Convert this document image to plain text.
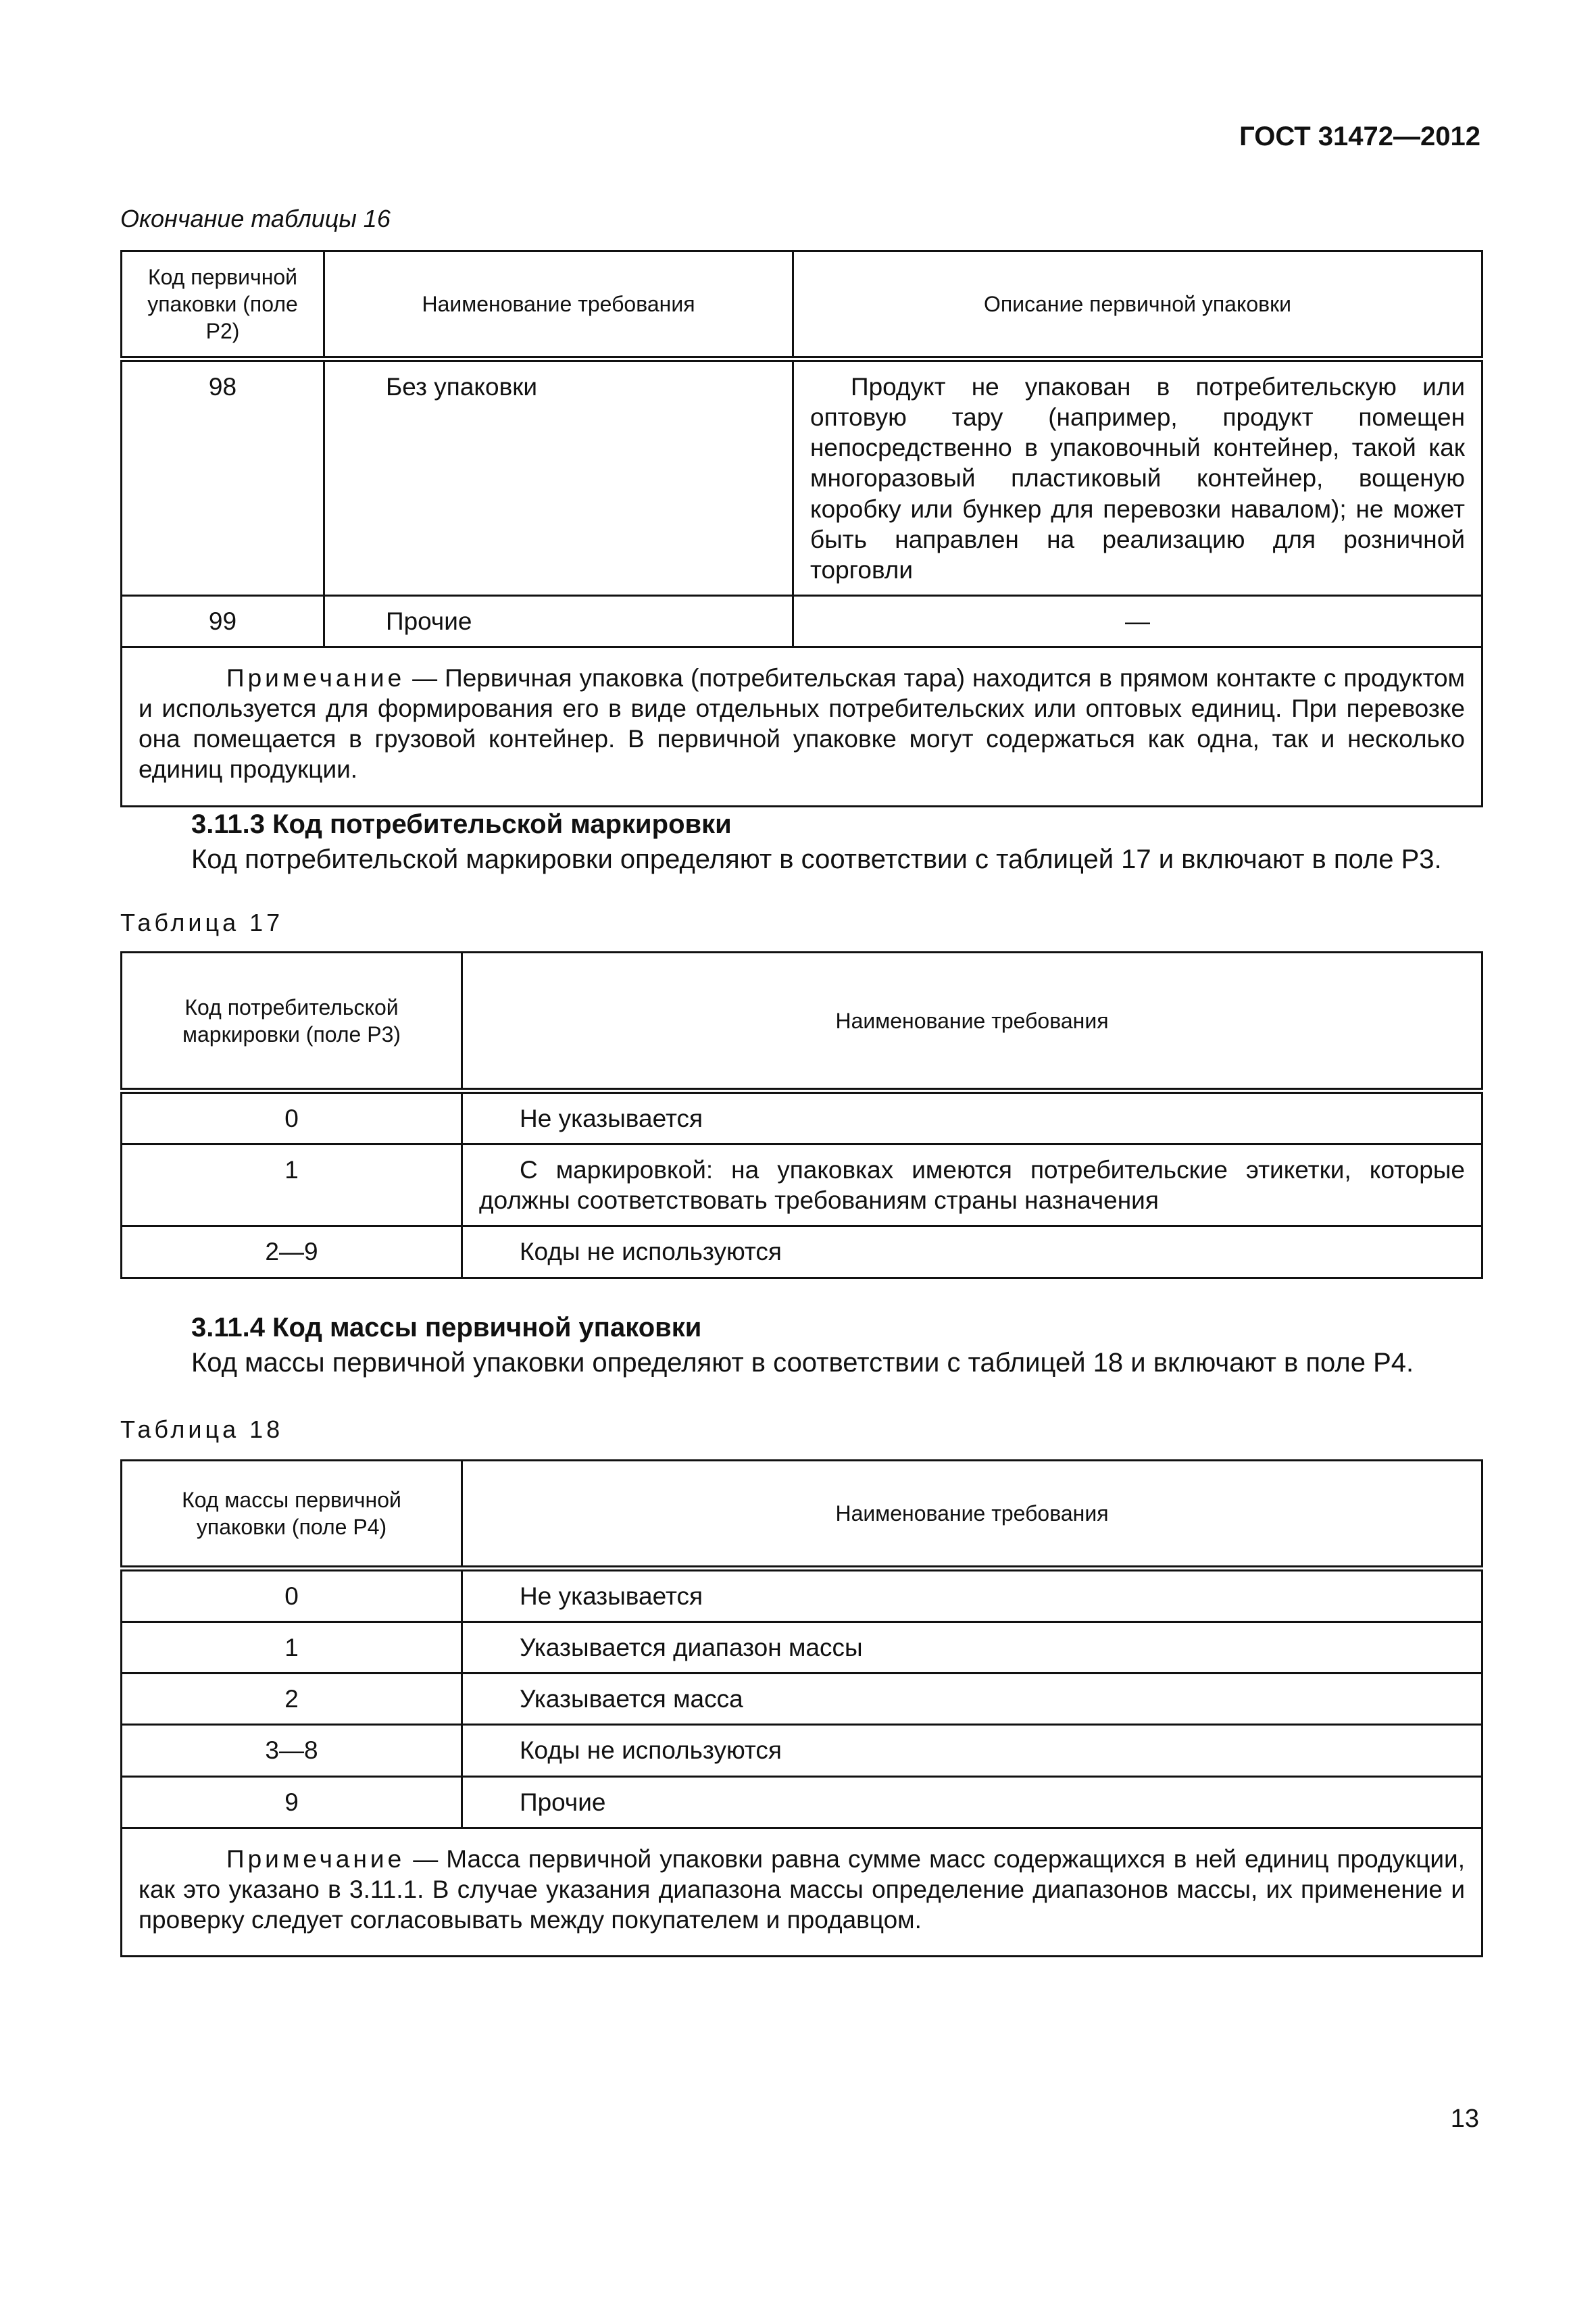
ГОСТ 31472—2012
Окончание таблицы 16
Код первичной упаковки (поле Р2)	Наименование требования	Описание первичной упаковки
98	Без упаковки	Продукт не упакован в потребительскую или оптовую тару (например, продукт помещен непосредственно в упаковочный контейнер, такой как многоразовый пластиковый контейнер, вощеную коробку или бункер для перевозки навалом); не может быть направлен на реализацию для розничной торговли
99	Прочие	—
Примечание — Первичная упаковка (потребительская тара) находится в прямом контакте с продуктом и используется для формирования его в виде отдельных потребительских или оптовых единиц. При перевозке она помещается в грузовой контейнер. В первичной упаковке могут содержаться как одна, так и несколько единиц продукции.		
3.11.3 Код потребительской маркировки
Код потребительской маркировки определяют в соответствии с таблицей 17 и включают в поле Р3.
Таблица 17
Код потребительской маркировки (поле Р3)	Наименование требования
0	Не указывается
1	С маркировкой: на упаковках имеются потребительские этикетки, которые должны соответствовать требованиям страны назначения
2—9	Коды не используются
3.11.4 Код массы первичной упаковки
Код массы первичной упаковки определяют в соответствии с таблицей 18 и включают в поле Р4.
Таблица 18
Код массы первичной упаковки (поле Р4)	Наименование требования
0	Не указывается
1	Указывается диапазон массы
2	Указывается масса
3—8	Коды не используются
9	Прочие
Примечание — Масса первичной упаковки равна сумме масс содержащихся в ней единиц продукции, как это указано в 3.11.1. В случае указания диапазона массы определение диапазонов массы, их применение и проверку следует согласовывать между покупателем и продавцом.	
13
